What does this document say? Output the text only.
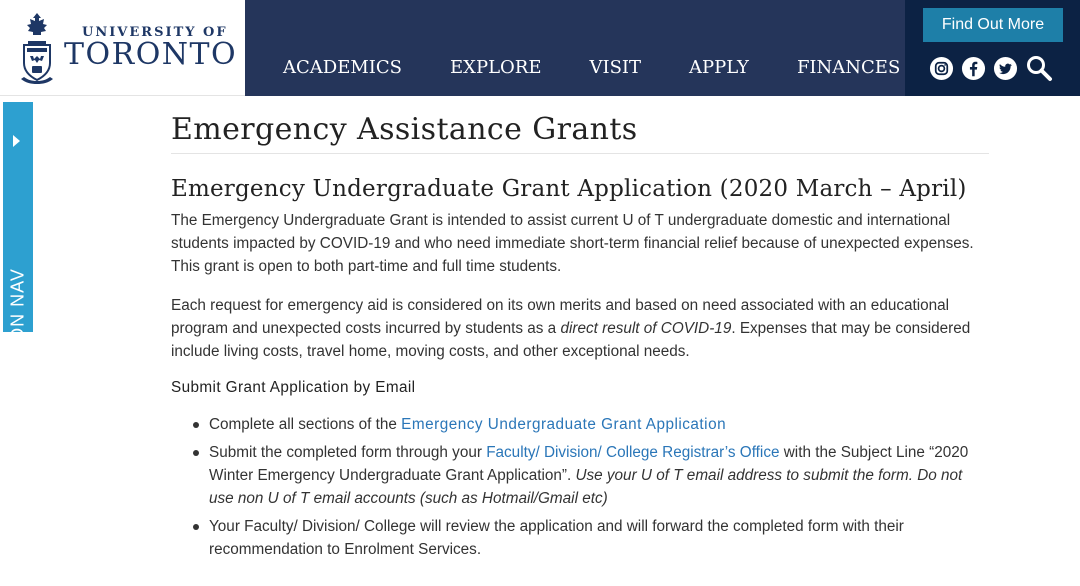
UNIVERSITY OF
TORONTO	ACADEMICS	EXPLORE	VISIT	APPLY	FINANCES
Find Out More
SECTION NAV
Emergency Assistance Grants
Emergency Undergraduate Grant Application (2020 March – April)

The Emergency Undergraduate Grant is intended to assist current U of T undergraduate domestic and international students impacted by COVID-19 and who need immediate short-term financial relief because of unexpected expenses. This grant is open to both part-time and full time students.

Each request for emergency aid is considered on its own merits and based on need associated with an educational program and unexpected costs incurred by students as a direct result of COVID-19. Expenses that may be considered include living costs, travel home, moving costs, and other exceptional needs.

Submit Grant Application by Email

Complete all sections of the Emergency Undergraduate Grant Application
Submit the completed form through your Faculty/ Division/ College Registrar’s Office with the Subject Line “2020 Winter Emergency Undergraduate Grant Application”. Use your U of T email address to submit the form. Do not use non U of T email accounts (such as Hotmail/Gmail etc)
Your Faculty/ Division/ College will review the application and will forward the completed form with their recommendation to Enrolment Services.
